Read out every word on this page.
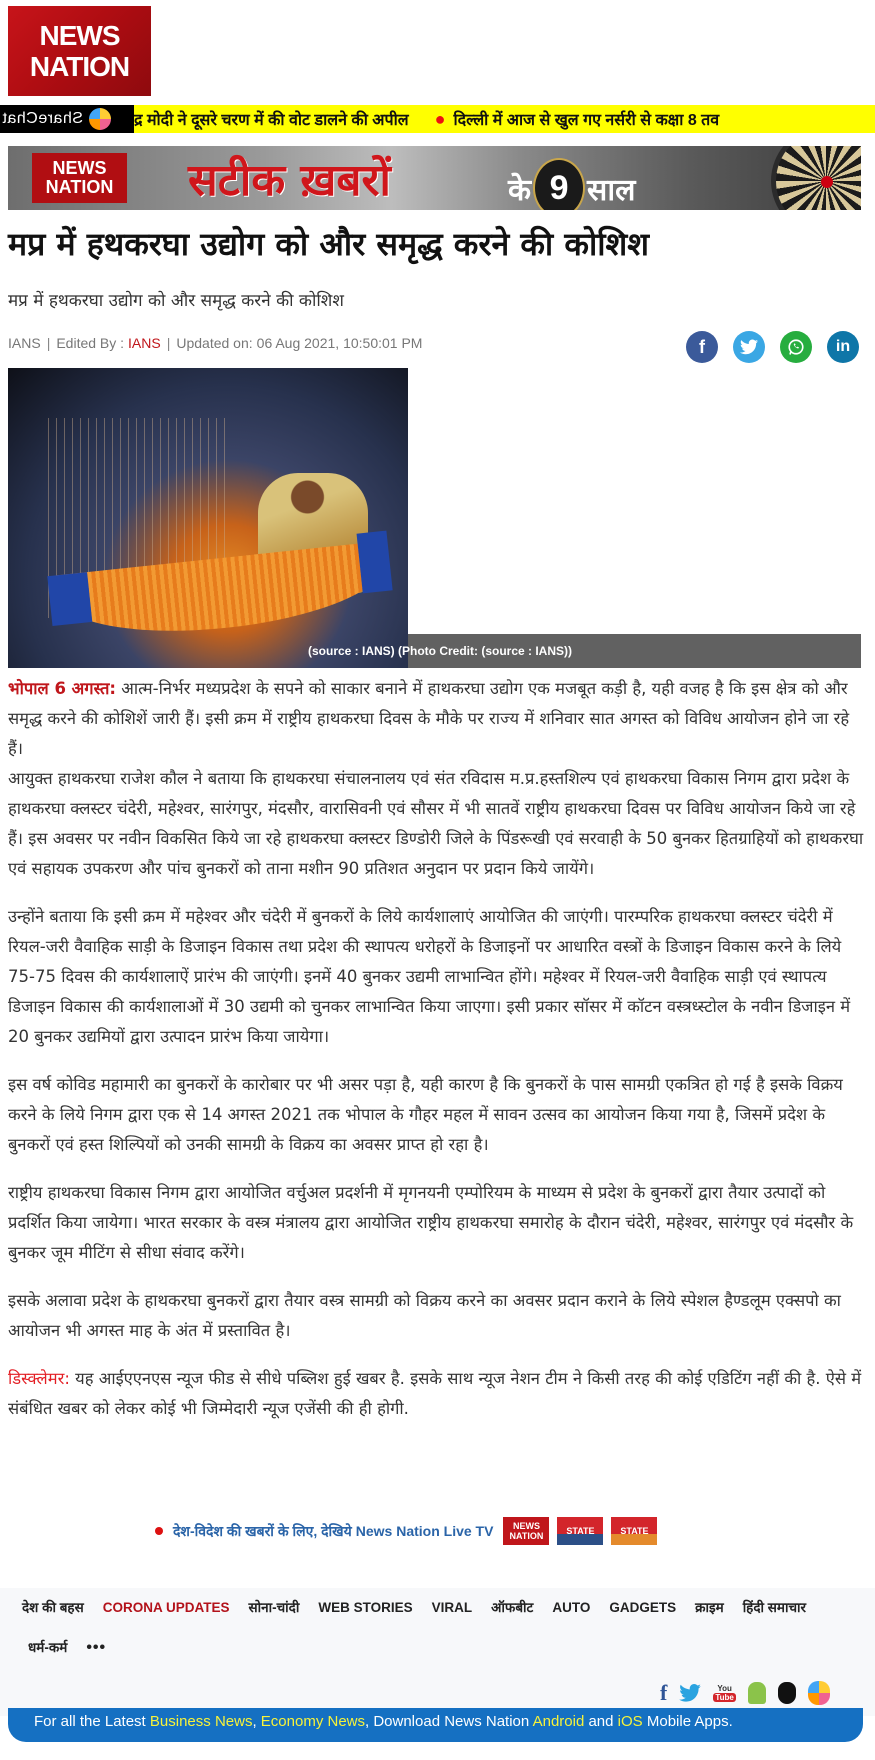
NEWS
NATION
द्र मोदी ने दूसरे चरण में की वोट डालने की अपील ● दिल्ली में आज से खुल गए नर्सरी से कक्षा 8 तव
ShareChat
NEWS
NATION सटीक ख़बरों	के 9 साल
मप्र में हथकरघा उद्योग को और समृद्ध करने की कोशिश
मप्र में हथकरघा उद्योग को और समृद्ध करने की कोशिश
IANS | Edited By : IANS | Updated on: 06 Aug 2021, 10:50:01 PM	f	in
(source : IANS) (Photo Credit: (source : IANS))

भोपाल 6 अगस्त: आत्म-निर्भर मध्यप्रदेश के सपने को साकार बनाने में हाथकरघा उद्योग एक मजबूत कड़ी है, यही वजह है कि इस क्षेत्र को और समृद्ध करने की कोशिशें जारी हैं। इसी क्रम में राष्ट्रीय हाथकरघा दिवस के मौके पर राज्य में शनिवार सात अगस्त को विविध आयोजन होने जा रहे हैं।

आयुक्त हाथकरघा राजेश कौल ने बताया कि हाथकरघा संचालनालय एवं संत रविदास म.प्र.हस्तशिल्प एवं हाथकरघा विकास निगम द्वारा प्रदेश के हाथकरघा क्लस्टर चंदेरी, महेश्वर, सारंगपुर, मंदसौर, वारासिवनी एवं सौसर में भी सातवें राष्ट्रीय हाथकरघा दिवस पर विविध आयोजन किये जा रहे हैं। इस अवसर पर नवीन विकसित किये जा रहे हाथकरघा क्लस्टर डिण्डोरी जिले के पिंडरूखी एवं सरवाही के 50 बुनकर हितग्राहियों को हाथकरघा एवं सहायक उपकरण और पांच बुनकरों को ताना मशीन 90 प्रतिशत अनुदान पर प्रदान किये जायेंगे।

उन्होंने बताया कि इसी क्रम में महेश्वर और चंदेरी में बुनकरों के लिये कार्यशालाएं आयोजित की जाएंगी। पारम्परिक हाथकरघा क्लस्टर चंदेरी में रियल-जरी वैवाहिक साड़ी के डिजाइन विकास तथा प्रदेश की स्थापत्य धरोहरों के डिजाइनों पर आधारित वस्त्रों के डिजाइन विकास करने के लिये 75-75 दिवस की कार्यशालाऐं प्रारंभ की जाएंगी। इनमें 40 बुनकर उद्यमी लाभान्वित होंगे। महेश्वर में रियल-जरी वैवाहिक साड़ी एवं स्थापत्य डिजाइन विकास की कार्यशालाओं में 30 उद्यमी को चुनकर लाभान्वित किया जाएगा। इसी प्रकार सॉसर में कॉटन वस्त्रध्स्टोल के नवीन डिजाइन में 20 बुनकर उद्यमियों द्वारा उत्पादन प्रारंभ किया जायेगा।

इस वर्ष कोविड महामारी का बुनकरों के कारोबार पर भी असर पड़ा है, यही कारण है कि बुनकरों के पास सामग्री एकत्रित हो गई है इसके विक्रय करने के लिये निगम द्वारा एक से 14 अगस्त 2021 तक भोपाल के गौहर महल में सावन उत्सव का आयोजन किया गया है, जिसमें प्रदेश के बुनकरों एवं हस्त शिल्पियों को उनकी सामग्री के विक्रय का अवसर प्राप्त हो रहा है।

राष्ट्रीय हाथकरघा विकास निगम द्वारा आयोजित वर्चुअल प्रदर्शनी में मृगनयनी एम्पोरियम के माध्यम से प्रदेश के बुनकरों द्वारा तैयार उत्पादों को प्रदर्शित किया जायेगा। भारत सरकार के वस्त्र मंत्रालय द्वारा आयोजित राष्ट्रीय हाथकरघा समारोह के दौरान चंदेरी, महेश्वर, सारंगपुर एवं मंदसौर के बुनकर जूम मीटिंग से सीधा संवाद करेंगे।

इसके अलावा प्रदेश के हाथकरघा बुनकरों द्वारा तैयार वस्त्र सामग्री को विक्रय करने का अवसर प्रदान कराने के लिये स्पेशल हैण्डलूम एक्सपो का आयोजन भी अगस्त माह के अंत में प्रस्तावित है।

डिस्क्लेमर: यह आईएएनएस न्यूज फीड से सीधे पब्लिश हुई खबर है. इसके साथ न्यूज नेशन टीम ने किसी तरह की कोई एडिटिंग नहीं की है. ऐसे में संबंधित खबर को लेकर कोई भी जिम्मेदारी न्यूज एजेंसी की ही होगी.

देश-विदेश की खबरों के लिए, देखिये News Nation Live TV NEWS
NATION	STATE	STATE
देश की बहस CORONA UPDATES सोना-चांदी WEB STORIES VIRAL ऑफबीट AUTO GADGETS क्राइम हिंदी समाचार
धर्म-कर्म •••
f	You
Tube
For all the Latest Business News, Economy News, Download News Nation Android and iOS Mobile Apps.
